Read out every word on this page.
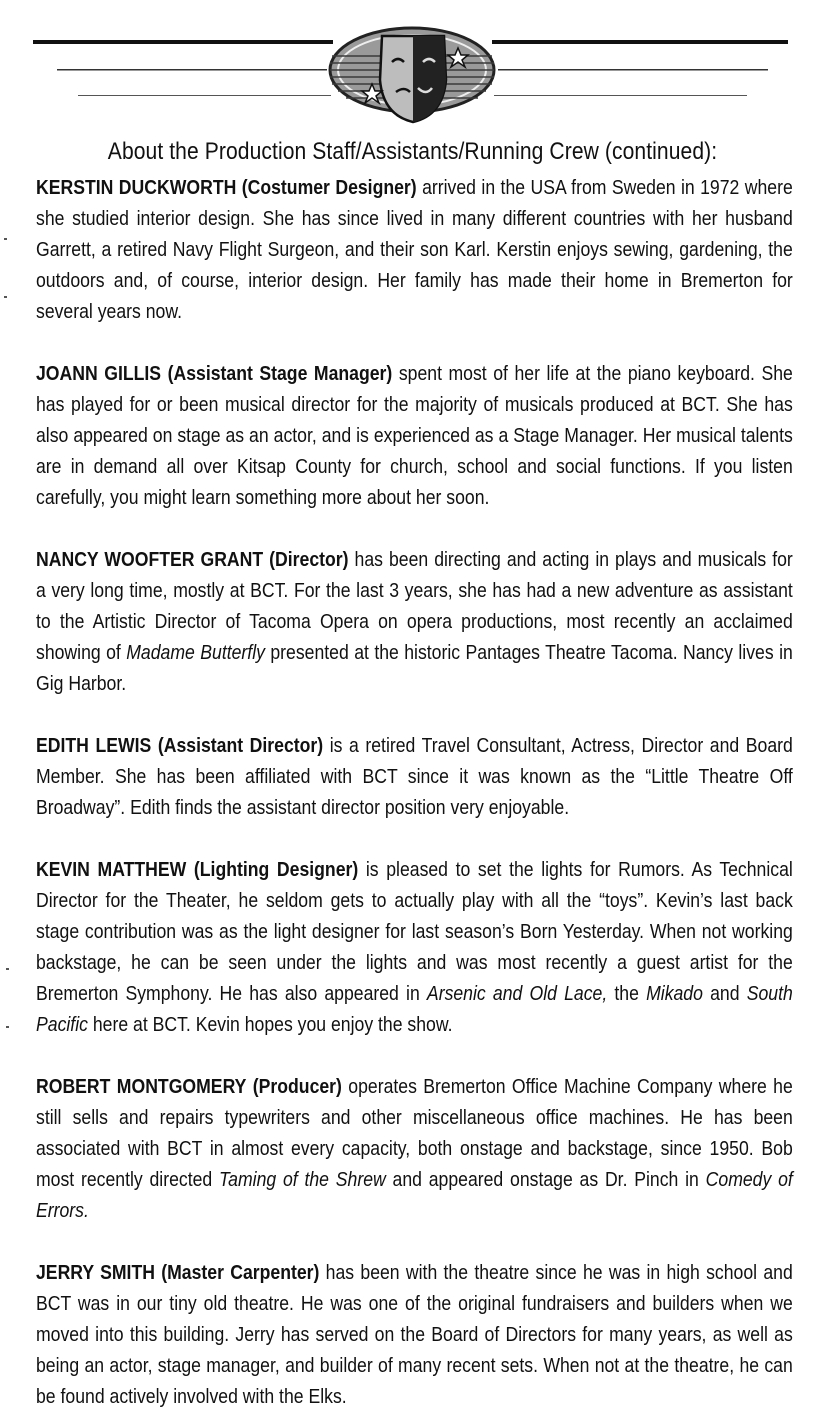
About the Production Staff/Assistants/Running Crew (continued):

KERSTIN DUCKWORTH (Costumer Designer) arrived in the USA from Sweden in 1972 where she studied interior design. She has since lived in many different countries with her husband Garrett, a retired Navy Flight Surgeon, and their son Karl. Kerstin enjoys sewing, gardening, the outdoors and, of course, interior design. Her family has made their home in Bremerton for several years now.

JOANN GILLIS (Assistant Stage Manager) spent most of her life at the piano keyboard. She has played for or been musical director for the majority of musicals produced at BCT. She has also appeared on stage as an actor, and is experienced as a Stage Manager. Her musical talents are in demand all over Kitsap County for church, school and social functions. If you listen carefully, you might learn something more about her soon.

NANCY WOOFTER GRANT (Director) has been directing and acting in plays and musicals for a very long time, mostly at BCT. For the last 3 years, she has had a new adventure as assistant to the Artistic Director of Tacoma Opera on opera productions, most recently an acclaimed showing of Madame Butterfly presented at the historic Pantages Theatre Tacoma. Nancy lives in Gig Harbor.

EDITH LEWIS (Assistant Director) is a retired Travel Consultant, Actress, Director and Board Member. She has been affiliated with BCT since it was known as the “Little Theatre Off Broadway”. Edith finds the assistant director position very enjoyable.

KEVIN MATTHEW (Lighting Designer) is pleased to set the lights for Rumors. As Technical Director for the Theater, he seldom gets to actually play with all the “toys”. Kevin’s last back stage contribution was as the light designer for last season’s Born Yesterday. When not working backstage, he can be seen under the lights and was most recently a guest artist for the Bremerton Symphony. He has also appeared in Arsenic and Old Lace, the Mikado and South Pacific here at BCT. Kevin hopes you enjoy the show.

ROBERT MONTGOMERY (Producer) operates Bremerton Office Machine Company where he still sells and repairs typewriters and other miscellaneous office machines. He has been associated with BCT in almost every capacity, both onstage and backstage, since 1950. Bob most recently directed Taming of the Shrew and appeared onstage as Dr. Pinch in Comedy of Errors.

JERRY SMITH (Master Carpenter) has been with the theatre since he was in high school and BCT was in our tiny old theatre. He was one of the original fundraisers and builders when we moved into this building. Jerry has served on the Board of Directors for many years, as well as being an actor, stage manager, and builder of many recent sets. When not at the theatre, he can be found actively involved with the Elks.
